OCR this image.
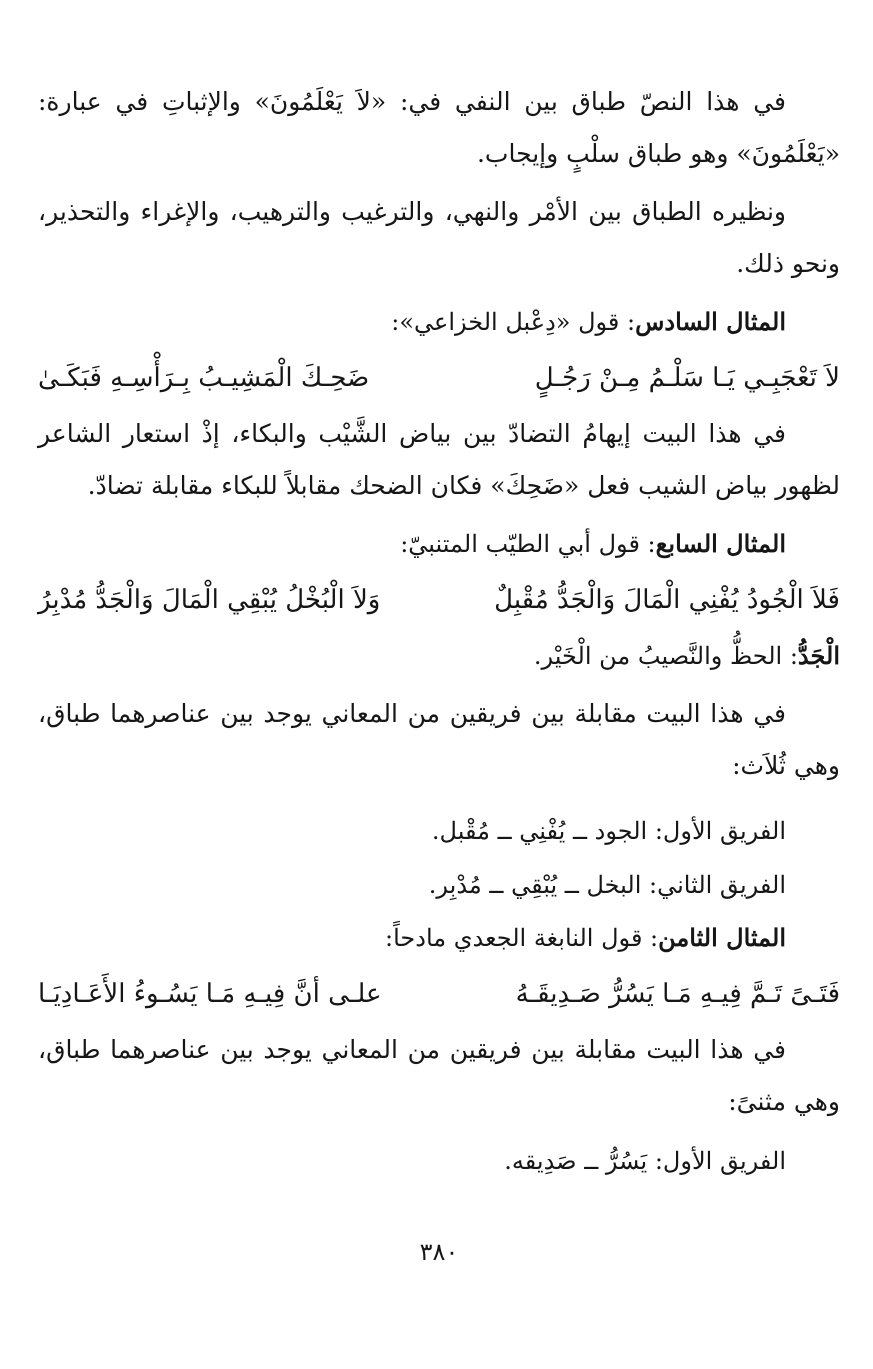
في هذا النصّ طباق بين النفي في: «لاَ يَعْلَمُونَ» والإثباتِ في عبارة: «يَعْلَمُونَ» وهو طباق سلْبٍ وإيجاب.

ونظيره الطباق بين الأمْر والنهي، والترغيب والترهيب، والإغراء والتحذير، ونحو ذلك.

المثال السادس: قول «دِعْبل الخزاعي»:

لاَ تَعْجَبِـي يَـا سَلْـمُ مِـنْ رَجُـلٍ
ضَحِـكَ الْمَشِيـبُ بِـرَأْسِـهِ فَبَكَـىٰ

في هذا البيت إيهامُ التضادّ بين بياض الشَّيْب والبكاء، إذْ استعار الشاعر لظهور بياض الشيب فعل «ضَحِكَ» فكان الضحك مقابلاً للبكاء مقابلة تضادّ.

المثال السابع: قول أبي الطيّب المتنبيّ:

فَلاَ الْجُودُ يُفْنِي الْمَالَ وَالْجَدُّ مُقْبِلٌ
وَلاَ الْبُخْلُ يُبْقِي الْمَالَ وَالْجَدُّ مُدْبِرُ

الْجَدُّ: الحظُّ والنَّصيبُ من الْخَيْر.

في هذا البيت مقابلة بين فريقين من المعاني يوجد بين عناصرهما طباق، وهي ثُلاَث:

الفريق الأول: الجود ــ يُفْنِي ــ مُقْبل.

الفريق الثاني: البخل ــ يُبْقِي ــ مُدْبِر.

المثال الثامن: قول النابغة الجعدي مادحاً:

فَتَـىً تَـمَّ فِيـهِ مَـا يَسُرُّ صَـدِيقَـهُ
علـى أنَّ فِيـهِ مَـا يَسُـوءُ الأَعَـادِيَـا

في هذا البيت مقابلة بين فريقين من المعاني يوجد بين عناصرهما طباق، وهي مثنىً:

الفريق الأول: يَسُرُّ ــ صَدِيقه.

٣٨٠
